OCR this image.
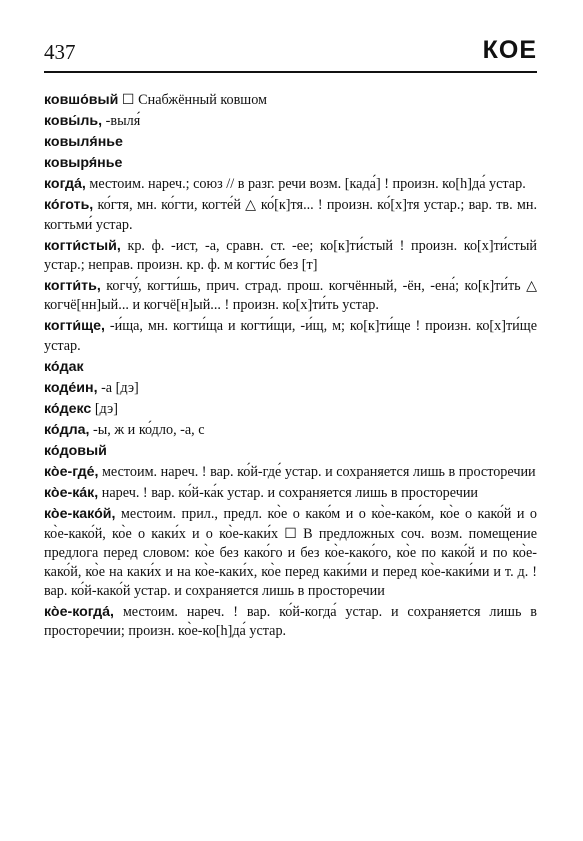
437	КОЕ
ковшо́вый ☐ Снабжённый ковшом
ковы́ль, -выля́
ковыля́нье
ковыря́нье
когда́, местоим. нареч.; союз // в разг. речи возм. [када́] ! произн. ко[h]да́ устар.
ко́готь, ко́гтя, мн. ко́гти, когте́й △ ко́[к]тя... ! произн. ко́[х]тя устар.; вар. тв. мн. когтьми́ устар.
когти́стый, кр. ф. -ист, -а, сравн. ст. -ее; ко[к]ти́стый ! произн. ко[х]ти́стый устар.; неправ. произн. кр. ф. м когти́с без [т]
когти́ть, когчу́, когти́шь, прич. страд. прош. когчённый, -ён, -ена́; ко[к]ти́ть △ когчё[нн]ый... и когчё[н]ый... ! произн. ко[х]ти́ть устар.
когти́ще, -и́ща, мн. когти́ща и когти́щи, -и́щ, м; ко[к]ти́ще ! произн. ко[х]ти́ще устар.
ко́дак
коде́ин, -а [дэ]
ко́декс [дэ]
ко́дла, -ы, ж и ко́дло, -а, с
ко́довый
ко̀е-где́, местоим. нареч. ! вар. ко́й-где́ устар. и сохраняется лишь в просторечии
ко̀е-ка́к, нареч. ! вар. ко́й-ка́к устар. и сохраняется лишь в просторечии
ко̀е-како́й, местоим. прил., предл. ко̀е о како́м и о ко̀е-како́м, ко̀е о како́й и о ко̀е-како́й, ко̀е о каки́х и о ко̀е-каки́х ☐ В предложных соч. возм. помещение предлога перед словом: ко̀е без како́го и без ко̀е-како́го, ко̀е по како́й и по ко̀е-како́й, ко̀е на каки́х и на ко̀е-каки́х, ко̀е перед каки́ми и перед ко̀е-каки́ми и т. д. ! вар. ко́й-како́й устар. и сохраняется лишь в просторечии
ко̀е-когда́, местоим. нареч. ! вар. ко́й-когда́ устар. и сохраняется лишь в просторечии; произн. ко̀е-ко[h]да́ устар.
